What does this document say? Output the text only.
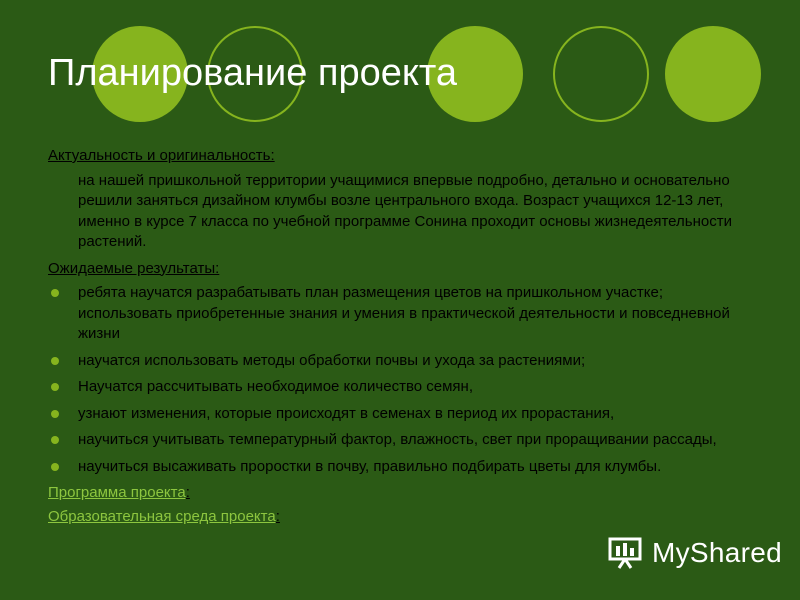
Планирование проекта

Актуальность и оригинальность:

на нашей пришкольной территории учащимися впервые подробно, детально и основательно решили заняться дизайном клумбы возле центрального входа. Возраст учащихся 12-13 лет, именно в курсе 7 класса по учебной программе Сонина проходит основы жизнедеятельности растений.

Ожидаемые результаты:

ребята научатся разрабатывать план размещения цветов на пришкольном участке; использовать приобретенные знания и умения в практической деятельности и повседневной жизни
научатся использовать методы обработки почвы и ухода за растениями;
Научатся рассчитывать необходимое количество семян,
узнают изменения, которые происходят в семенах в период их прорастания,
научиться учитывать температурный фактор, влажность, свет при проращивании рассады,
научиться высаживать проростки в почву, правильно подбирать цветы для клумбы.

Программа проекта:

Образовательная среда проекта:

MyShared
